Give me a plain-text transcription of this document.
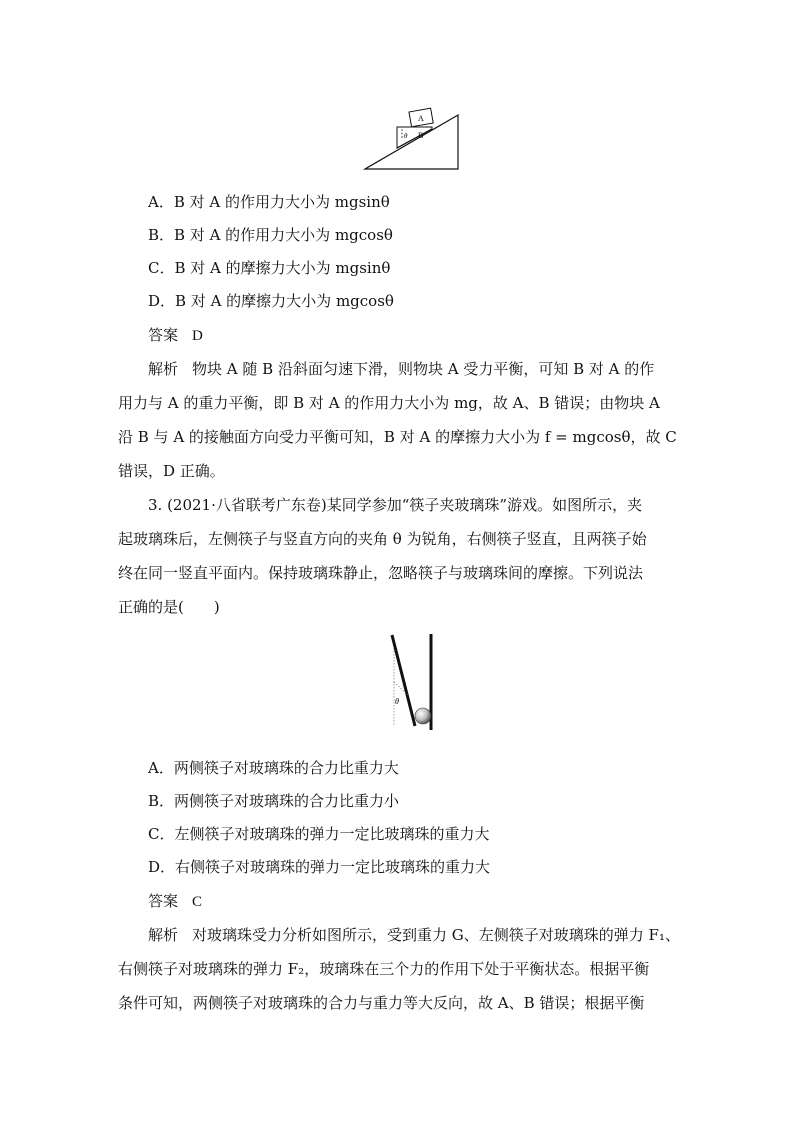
A
B
θ
A．B 对 A 的作用力大小为 mgsinθ
B．B 对 A 的作用力大小为 mgcosθ
C．B 对 A 的摩擦力大小为 mgsinθ
D．B 对 A 的摩擦力大小为 mgcosθ
答案 D
解析 物块 A 随 B 沿斜面匀速下滑，则物块 A 受力平衡，可知 B 对 A 的作
用力与 A 的重力平衡，即 B 对 A 的作用力大小为 mg，故 A、B 错误；由物块 A
沿 B 与 A 的接触面方向受力平衡可知，B 对 A 的摩擦力大小为 f = mgcosθ，故 C
错误，D 正确。
3. (2021·八省联考广东卷)某同学参加“筷子夹玻璃珠”游戏。如图所示，夹
起玻璃珠后，左侧筷子与竖直方向的夹角 θ 为锐角，右侧筷子竖直，且两筷子始
终在同一竖直平面内。保持玻璃珠静止，忽略筷子与玻璃珠间的摩擦。下列说法
正确的是(　　)
θ
A．两侧筷子对玻璃珠的合力比重力大
B．两侧筷子对玻璃珠的合力比重力小
C．左侧筷子对玻璃珠的弹力一定比玻璃珠的重力大
D．右侧筷子对玻璃珠的弹力一定比玻璃珠的重力大
答案 C
解析 对玻璃珠受力分析如图所示，受到重力 G、左侧筷子对玻璃珠的弹力 F₁、
右侧筷子对玻璃珠的弹力 F₂，玻璃珠在三个力的作用下处于平衡状态。根据平衡
条件可知，两侧筷子对玻璃珠的合力与重力等大反向，故 A、B 错误；根据平衡
